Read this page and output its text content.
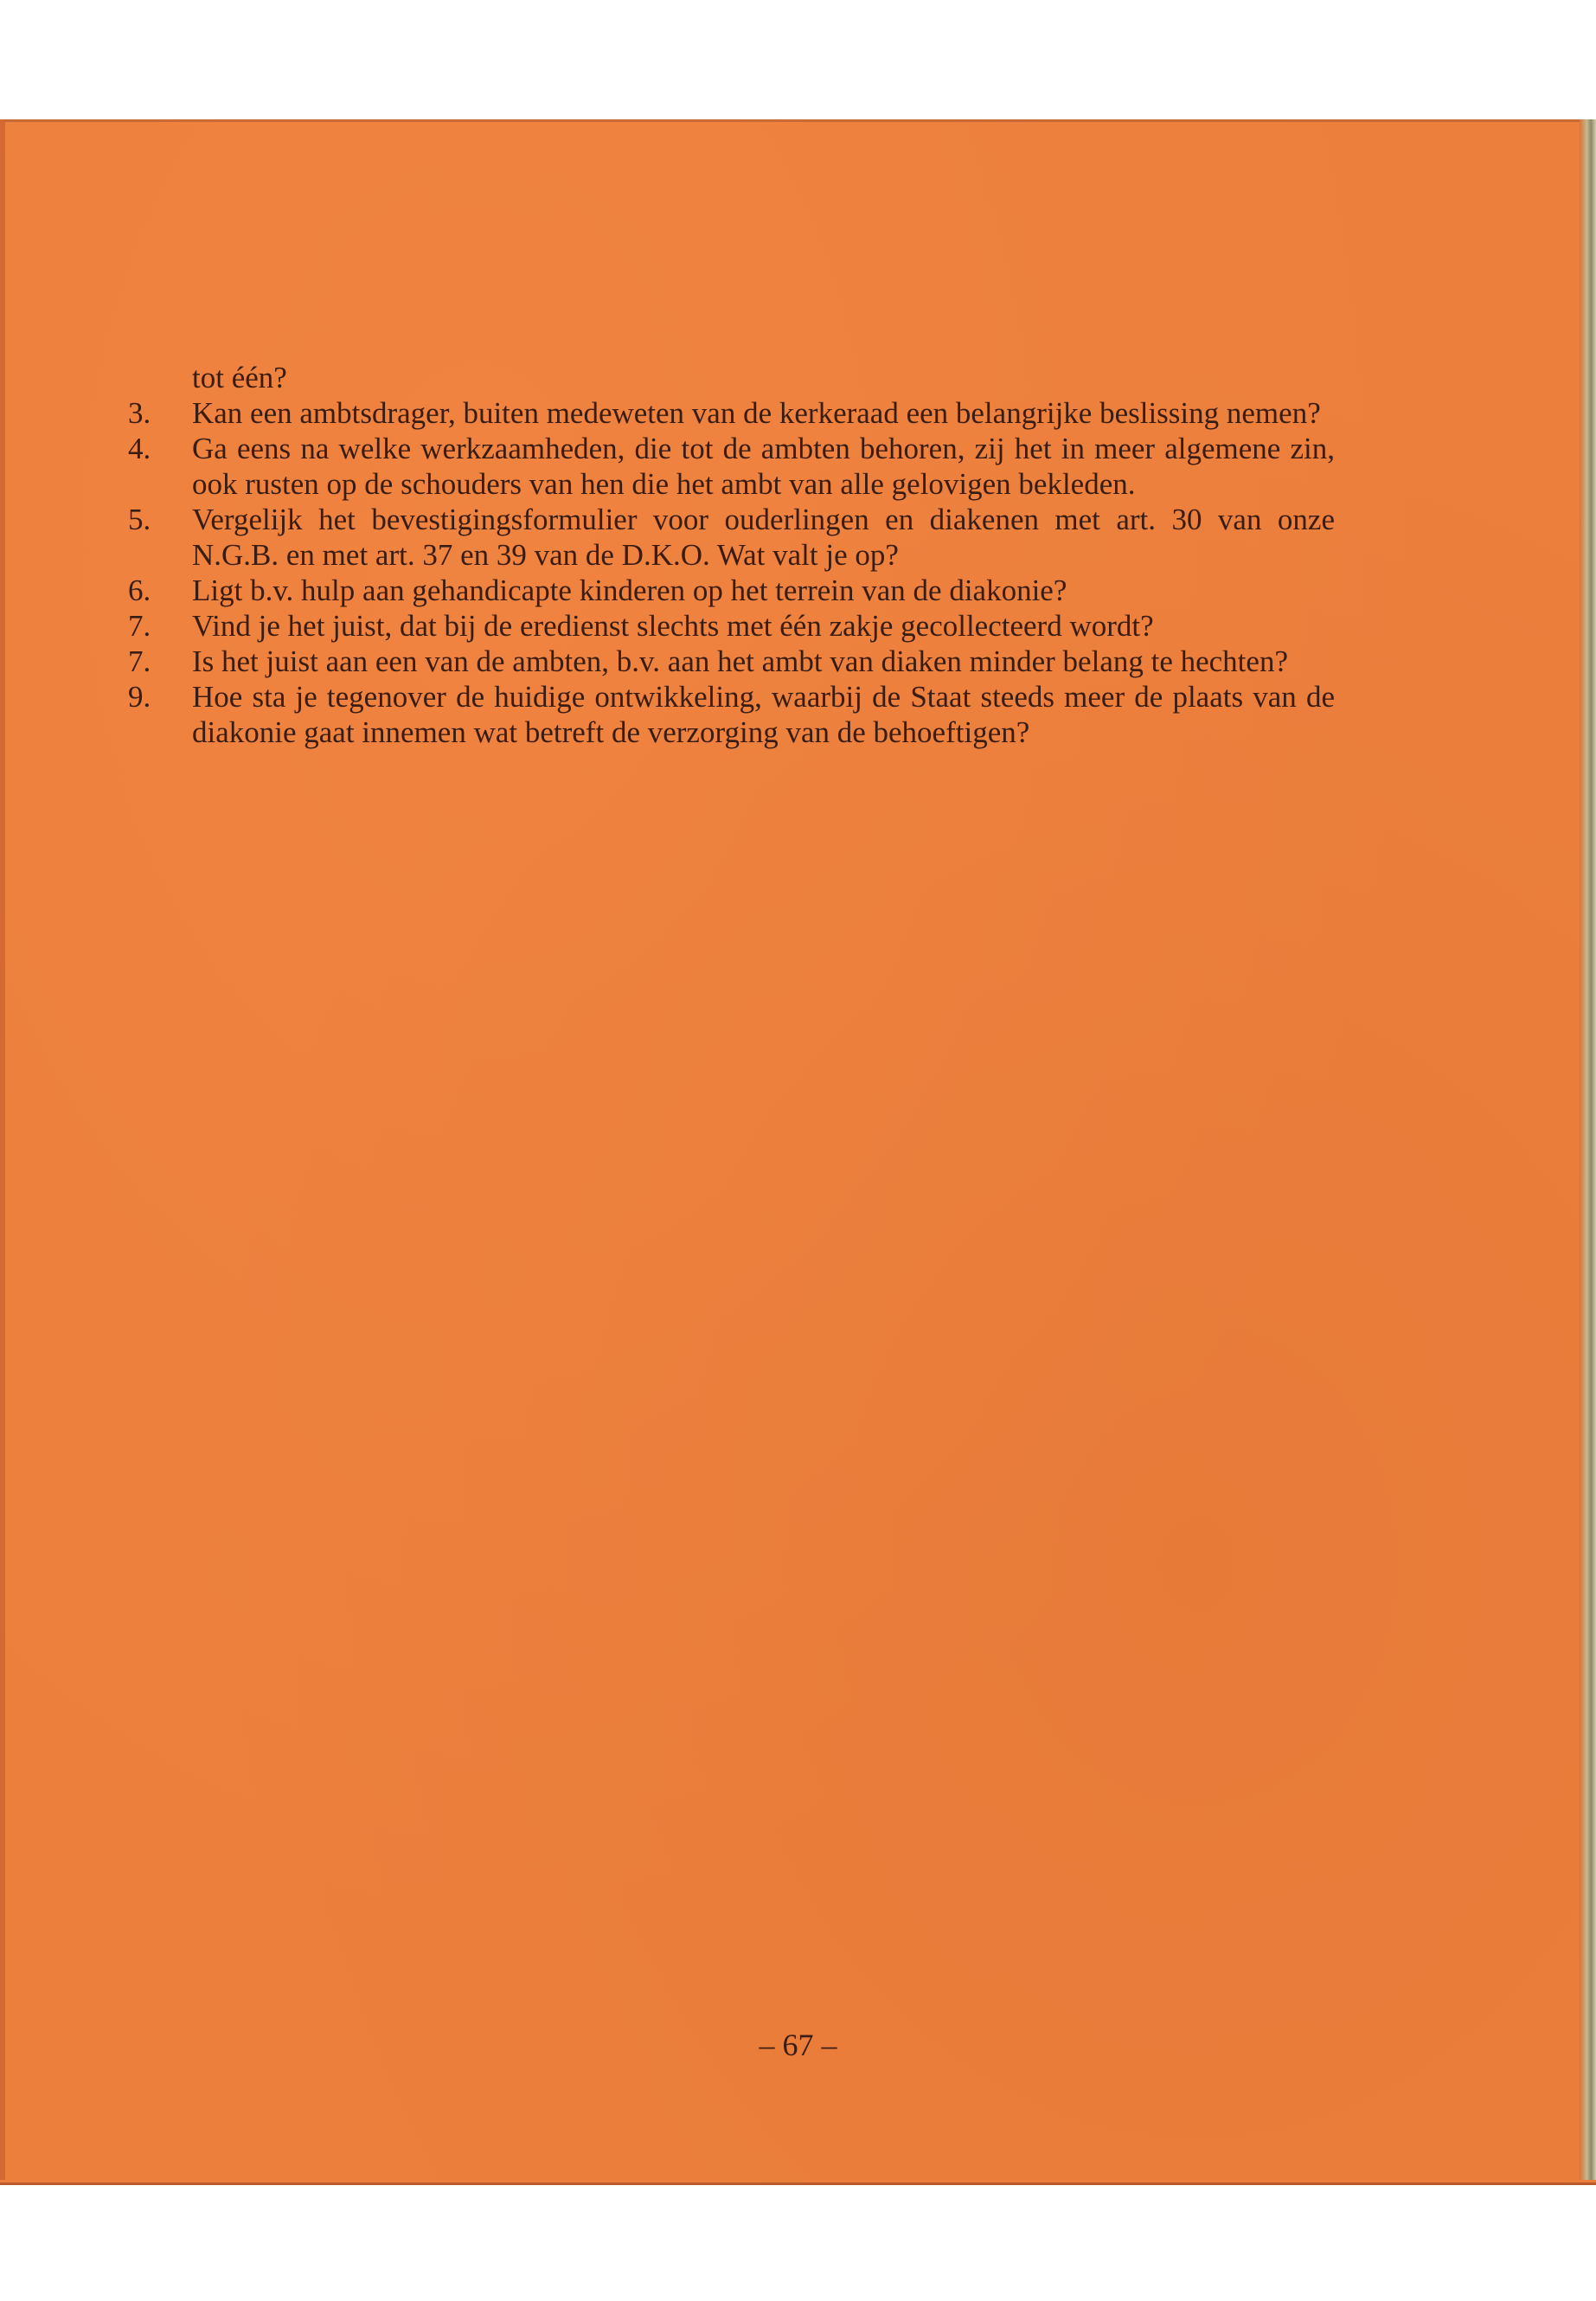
tot één?
3.	Kan een ambtsdrager, buiten medeweten van de kerkeraad een belangrijke beslissing nemen?
4.	Ga eens na welke werkzaamheden, die tot de ambten behoren, zij het in meer algemene zin, ook rusten op de schouders van hen die het ambt van alle gelovigen bekleden.
5.	Vergelijk het bevestigingsformulier voor ouderlingen en diakenen met art. 30 van onze N.G.B. en met art. 37 en 39 van de D.K.O. Wat valt je op?
6.	Ligt b.v. hulp aan gehandicapte kinderen op het terrein van de diakonie?
7.	Vind je het juist, dat bij de eredienst slechts met één zakje gecollecteerd wordt?
7.	Is het juist aan een van de ambten, b.v. aan het ambt van diaken minder belang te hechten?
9.	Hoe sta je tegenover de huidige ontwikkeling, waarbij de Staat steeds meer de plaats van de diakonie gaat innemen wat betreft de verzorging van de behoeftigen?
– 67 –
